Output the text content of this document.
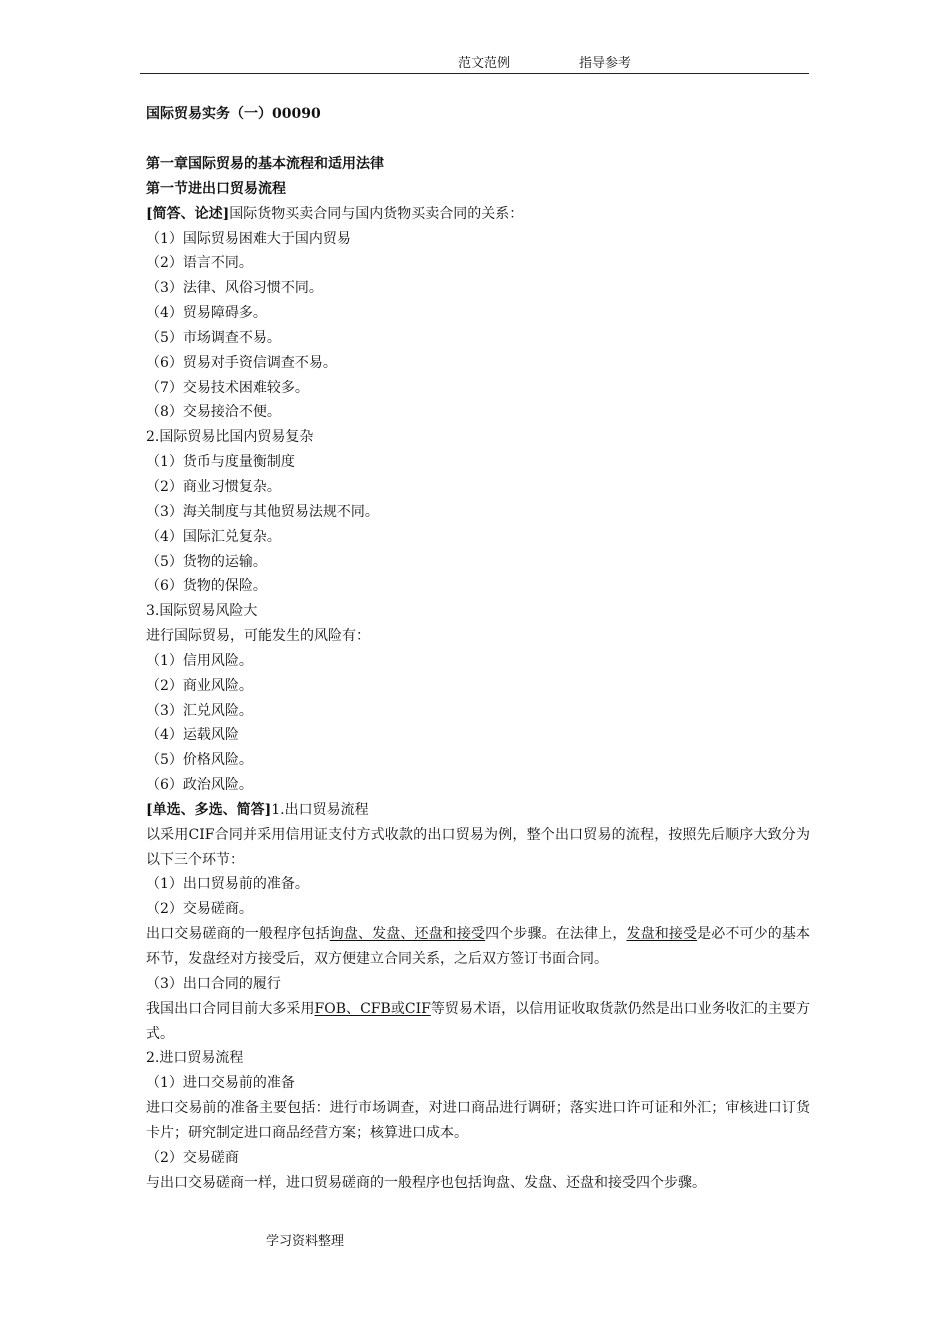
范文范例	指导参考
国际贸易实务（一）00090
第一章国际贸易的基本流程和适用法律
第一节进出口贸易流程
[简答、论述]国际货物买卖合同与国内货物买卖合同的关系：
（1）国际贸易困难大于国内贸易
（2）语言不同。
（3）法律、风俗习惯不同。
（4）贸易障碍多。
（5）市场调查不易。
（6）贸易对手资信调查不易。
（7）交易技术困难较多。
（8）交易接洽不便。
2.国际贸易比国内贸易复杂
（1）货币与度量衡制度
（2）商业习惯复杂。
（3）海关制度与其他贸易法规不同。
（4）国际汇兑复杂。
（5）货物的运输。
（6）货物的保险。
3.国际贸易风险大
进行国际贸易，可能发生的风险有：
（1）信用风险。
（2）商业风险。
（3）汇兑风险。
（4）运载风险
（5）价格风险。
（6）政治风险。
[单选、多选、简答]1.出口贸易流程
以采用CIF合同并采用信用证支付方式收款的出口贸易为例，整个出口贸易的流程，按照先后顺序大致分为以下三个环节：
（1）出口贸易前的准备。
（2）交易磋商。
出口交易磋商的一般程序包括询盘、发盘、还盘和接受四个步骤。在法律上，发盘和接受是必不可少的基本环节，发盘经对方接受后，双方便建立合同关系，之后双方签订书面合同。
（3）出口合同的履行
我国出口合同目前大多采用FOB、CFB或CIF等贸易术语，以信用证收取货款仍然是出口业务收汇的主要方式。
2.进口贸易流程
（1）进口交易前的准备
进口交易前的准备主要包括：进行市场调查，对进口商品进行调研；落实进口许可证和外汇；审核进口订货卡片；研究制定进口商品经营方案；核算进口成本。
（2）交易磋商
与出口交易磋商一样，进口贸易磋商的一般程序也包括询盘、发盘、还盘和接受四个步骤。
学习资料整理
